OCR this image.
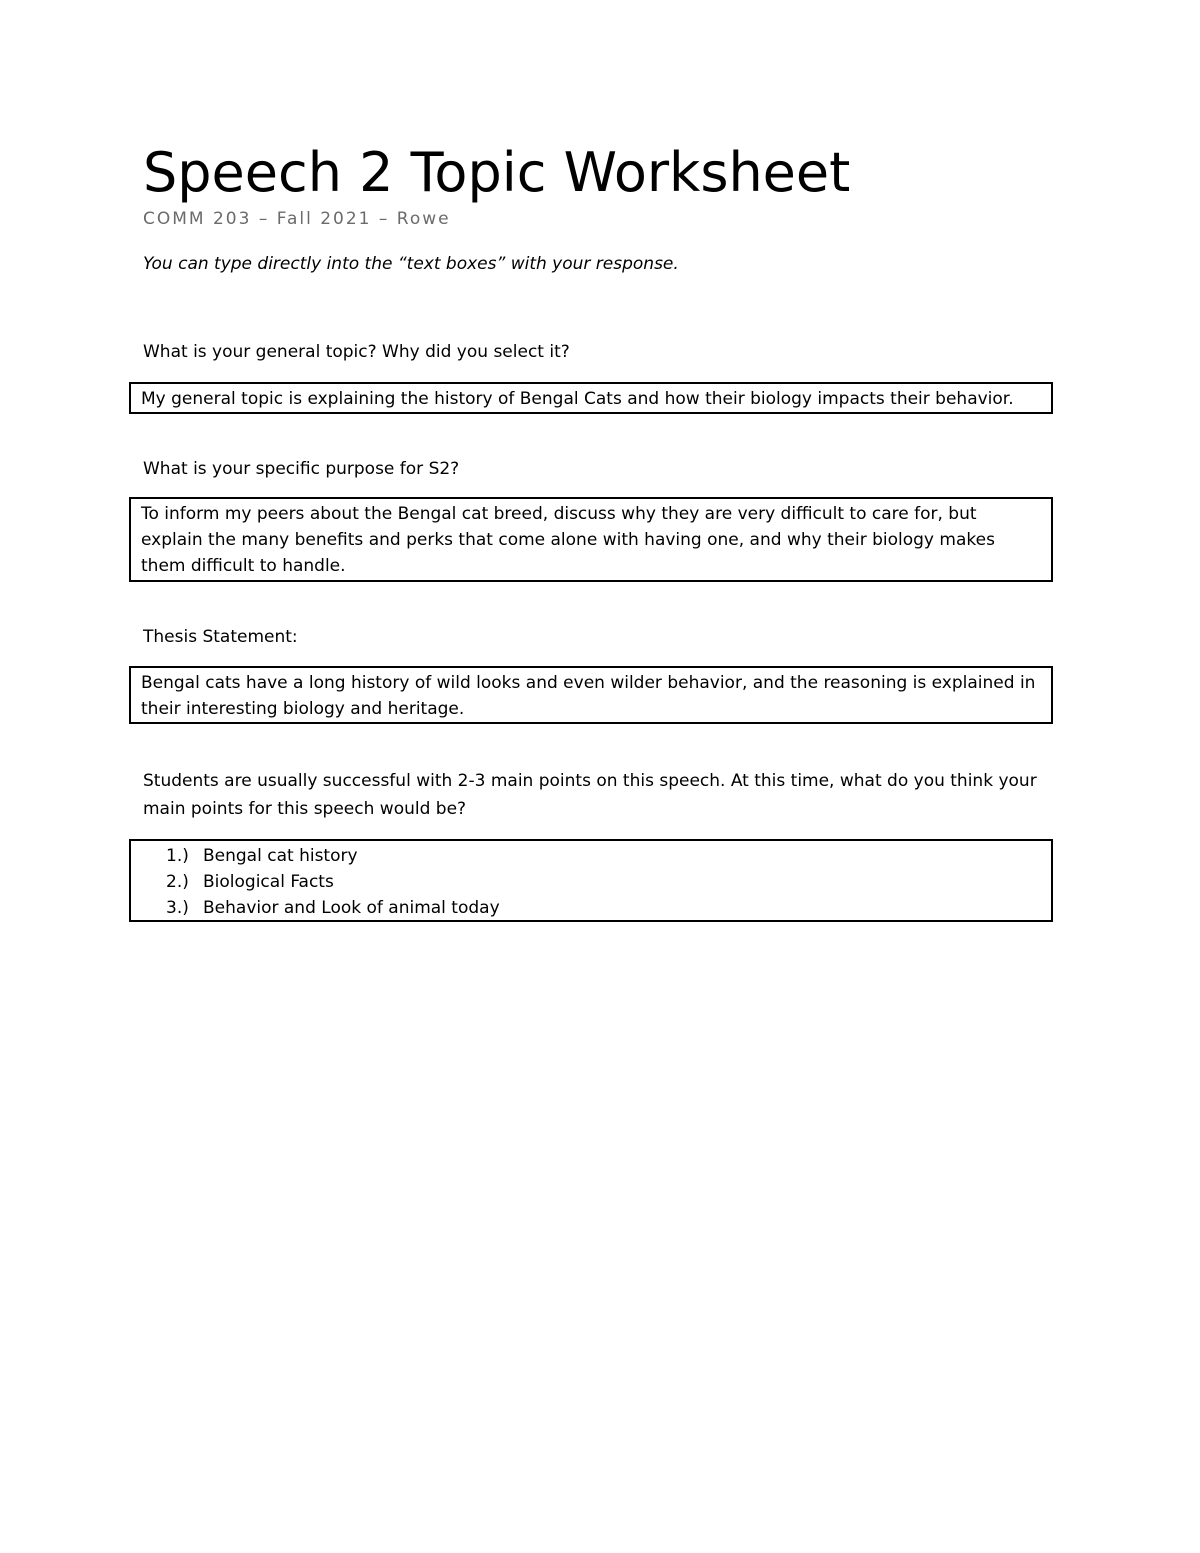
Speech 2 Topic Worksheet
COMM 203 – Fall 2021 – Rowe
You can type directly into the “text boxes” with your response.
What is your general topic? Why did you select it?
My general topic is explaining the history of Bengal Cats and how their biology impacts their behavior.
What is your specific purpose for S2?
To inform my peers about the Bengal cat breed, discuss why they are very difficult to care for, but explain the many benefits and perks that come alone with having one, and why their biology makes them difficult to handle.
Thesis Statement:
Bengal cats have a long history of wild looks and even wilder behavior, and the reasoning is explained in their interesting biology and heritage.
Students are usually successful with 2-3 main points on this speech. At this time, what do you think your main points for this speech would be?
1.) Bengal cat history
2.) Biological Facts
3.) Behavior and Look of animal today
